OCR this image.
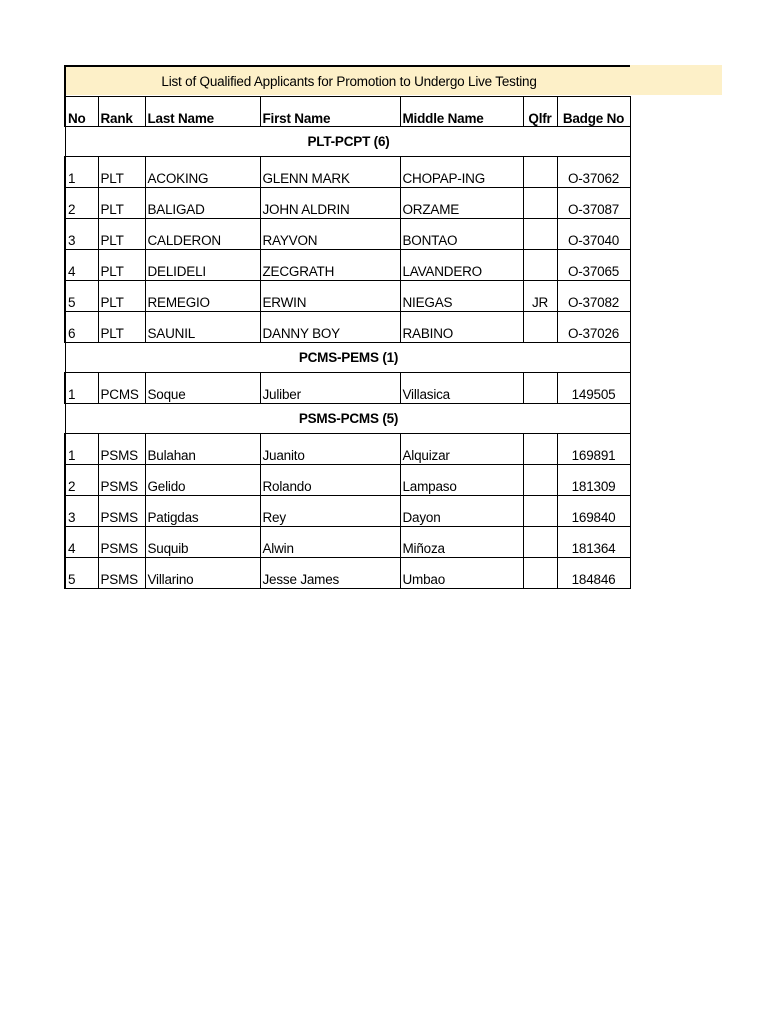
List of Qualified Applicants for Promotion to Undergo Live Testing						
No	Rank	Last Name	First Name	Middle Name	Qlfr	Badge No
PLT-PCPT (6)						
1	PLT	ACOKING	GLENN MARK	CHOPAP-ING		O-37062
2	PLT	BALIGAD	JOHN ALDRIN	ORZAME		O-37087
3	PLT	CALDERON	RAYVON	BONTAO		O-37040
4	PLT	DELIDELI	ZECGRATH	LAVANDERO		O-37065
5	PLT	REMEGIO	ERWIN	NIEGAS	JR	O-37082
6	PLT	SAUNIL	DANNY BOY	RABINO		O-37026
PCMS-PEMS (1)						
1	PCMS	Soque	Juliber	Villasica		149505
PSMS-PCMS (5)						
1	PSMS	Bulahan	Juanito	Alquizar		169891
2	PSMS	Gelido	Rolando	Lampaso		181309
3	PSMS	Patigdas	Rey	Dayon		169840
4	PSMS	Suquib	Alwin	Miñoza		181364
5	PSMS	Villarino	Jesse James	Umbao		184846
